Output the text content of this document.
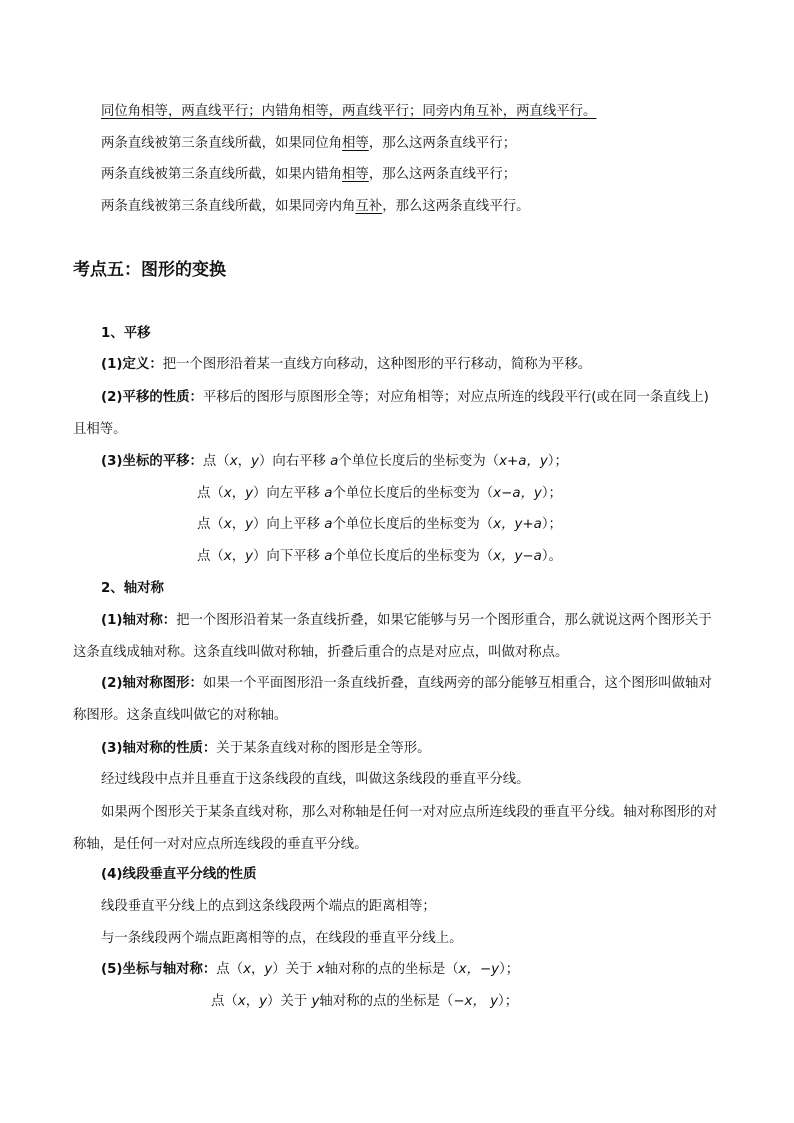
同位角相等，两直线平行；内错角相等，两直线平行；同旁内角互补，两直线平行。
两条直线被第三条直线所截，如果同位角相等，那么这两条直线平行；
两条直线被第三条直线所截，如果内错角相等，那么这两条直线平行；
两条直线被第三条直线所截，如果同旁内角互补，那么这两条直线平行。
考点五：图形的变换
1、平移
(1)定义：把一个图形沿着某一直线方向移动，这种图形的平行移动，简称为平移。
(2)平移的性质：平移后的图形与原图形全等；对应角相等；对应点所连的线段平行(或在同一条直线上)且相等。
(3)坐标的平移：点（x，y）向右平移 a个单位长度后的坐标变为（x+a，y）；
点（x，y）向左平移 a个单位长度后的坐标变为（x−a，y）；
点（x，y）向上平移 a个单位长度后的坐标变为（x，y+a）；
点（x，y）向下平移 a个单位长度后的坐标变为（x，y−a）。
2、轴对称
(1)轴对称：把一个图形沿着某一条直线折叠，如果它能够与另一个图形重合，那么就说这两个图形关于这条直线成轴对称。这条直线叫做对称轴，折叠后重合的点是对应点，叫做对称点。
(2)轴对称图形：如果一个平面图形沿一条直线折叠，直线两旁的部分能够互相重合，这个图形叫做轴对称图形。这条直线叫做它的对称轴。
(3)轴对称的性质：关于某条直线对称的图形是全等形。
经过线段中点并且垂直于这条线段的直线，叫做这条线段的垂直平分线。
如果两个图形关于某条直线对称，那么对称轴是任何一对对应点所连线段的垂直平分线。轴对称图形的对称轴，是任何一对对应点所连线段的垂直平分线。
(4)线段垂直平分线的性质
线段垂直平分线上的点到这条线段两个端点的距离相等；
与一条线段两个端点距离相等的点，在线段的垂直平分线上。
(5)坐标与轴对称：点（x，y）关于 x轴对称的点的坐标是（x，−y）；
点（x，y）关于 y轴对称的点的坐标是（−x， y）；
